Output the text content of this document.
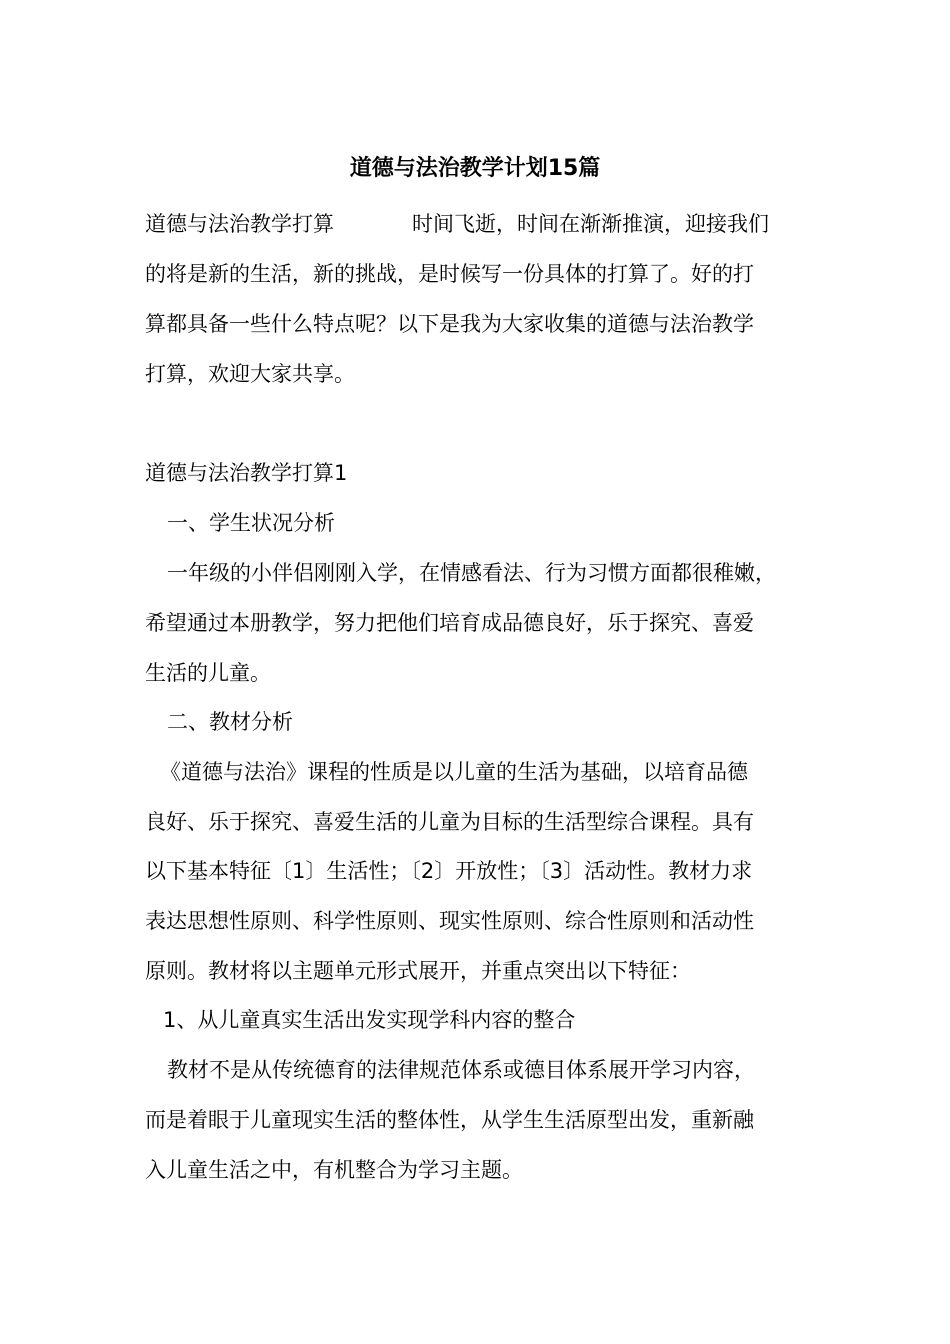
道德与法治教学计划15篇
道德与法治教学打算	时间飞逝，时间在渐渐推演，迎接我们
的将是新的生活，新的挑战，是时候写一份具体的打算了。好的打
算都具备一些什么特点呢？以下是我为大家收集的道德与法治教学
打算，欢迎大家共享。
道德与法治教学打算1
一、学生状况分析
一年级的小伴侣刚刚入学，在情感看法、行为习惯方面都很稚嫩，
希望通过本册教学，努力把他们培育成品德良好，乐于探究、喜爱
生活的儿童。
二、教材分析
《道德与法治》课程的性质是以儿童的生活为基础，以培育品德
良好、乐于探究、喜爱生活的儿童为目标的生活型综合课程。具有
以下基本特征〔1〕生活性；〔2〕开放性；〔3〕活动性。教材力求
表达思想性原则、科学性原则、现实性原则、综合性原则和活动性
原则。教材将以主题单元形式展开，并重点突出以下特征：
1、从儿童真实生活出发实现学科内容的整合
教材不是从传统德育的法律规范体系或德目体系展开学习内容，
而是着眼于儿童现实生活的整体性，从学生生活原型出发，重新融
入儿童生活之中，有机整合为学习主题。
